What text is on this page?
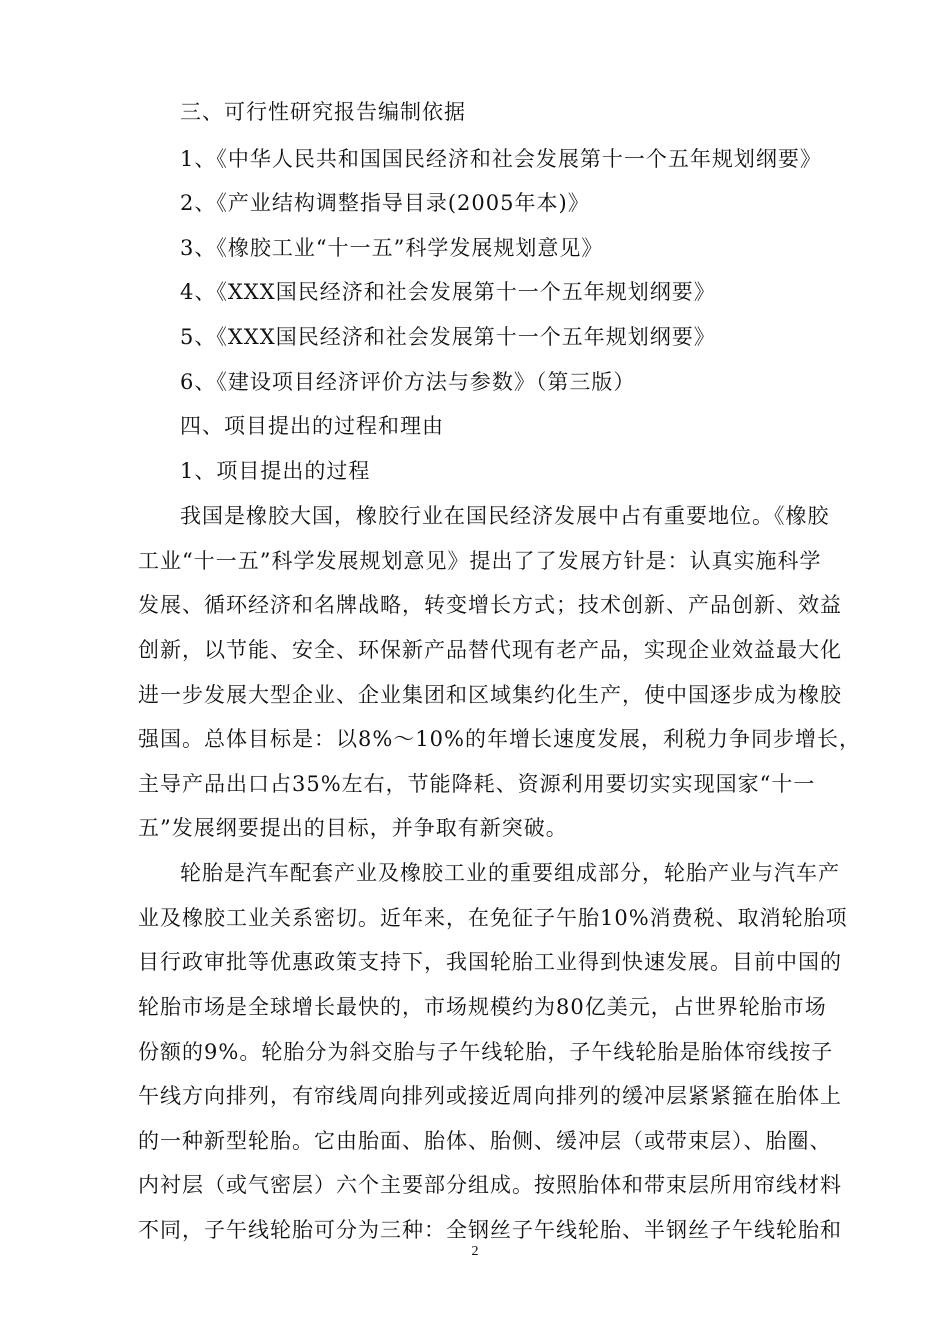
三、可行性研究报告编制依据
1、《中华人民共和国国民经济和社会发展第十一个五年规划纲要》
2、《产业结构调整指导目录(2005年本)》
3、《橡胶工业“十一五”科学发展规划意见》
4、《XXX国民经济和社会发展第十一个五年规划纲要》
5、《XXX国民经济和社会发展第十一个五年规划纲要》
6、《建设项目经济评价方法与参数》（第三版）
四、项目提出的过程和理由
1、项目提出的过程
我国是橡胶大国，橡胶行业在国民经济发展中占有重要地位。《橡胶
工业“十一五”科学发展规划意见》提出了了发展方针是：认真实施科学
发展、循环经济和名牌战略，转变增长方式；技术创新、产品创新、效益
创新，以节能、安全、环保新产品替代现有老产品，实现企业效益最大化
进一步发展大型企业、企业集团和区域集约化生产，使中国逐步成为橡胶
强国。总体目标是：以8%～10%的年增长速度发展，利税力争同步增长，
主导产品出口占35%左右，节能降耗、资源利用要切实实现国家“十一
五”发展纲要提出的目标，并争取有新突破。
轮胎是汽车配套产业及橡胶工业的重要组成部分，轮胎产业与汽车产
业及橡胶工业关系密切。近年来，在免征子午胎10%消费税、取消轮胎项
目行政审批等优惠政策支持下，我国轮胎工业得到快速发展。目前中国的
轮胎市场是全球增长最快的，市场规模约为80亿美元，占世界轮胎市场
份额的9%。轮胎分为斜交胎与子午线轮胎，子午线轮胎是胎体帘线按子
午线方向排列，有帘线周向排列或接近周向排列的缓冲层紧紧箍在胎体上
的一种新型轮胎。它由胎面、胎体、胎侧、缓冲层（或带束层）、胎圈、
内衬层（或气密层）六个主要部分组成。按照胎体和带束层所用帘线材料
不同，子午线轮胎可分为三种：全钢丝子午线轮胎、半钢丝子午线轮胎和
2
